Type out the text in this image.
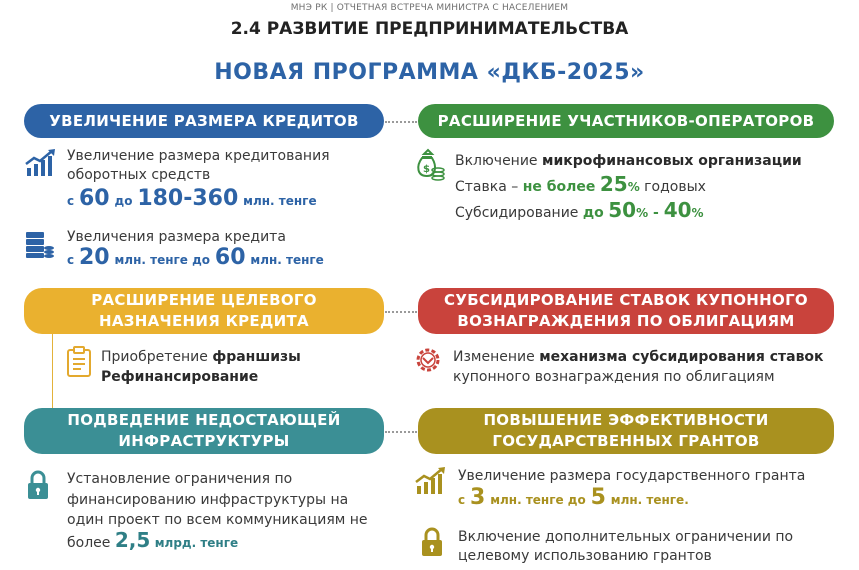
МНЭ РК | ОТЧЕТНАЯ ВСТРЕЧА МИНИСТРА С НАСЕЛЕНИЕМ
2.4 РАЗВИТИЕ ПРЕДПРИНИМАТЕЛЬСТВА
НОВАЯ ПРОГРАММА «ДКБ-2025»
УВЕЛИЧЕНИЕ РАЗМЕРА КРЕДИТОВ
Увеличение размера кредитования
оборотных средств
с 60 до 180-360 млн. тенге
Увеличения размера кредита
с 20 млн. тенге до 60 млн. тенге
РАСШИРЕНИЕ УЧАСТНИКОВ-ОПЕРАТОРОВ
$
Включение микрофинансовых организации
Ставка – не более 25% годовых
Субсидирование до 50% - 40%
РАСШИРЕНИЕ ЦЕЛЕВОГО
НАЗНАЧЕНИЯ КРЕДИТА
Приобретение франшизы
Рефинансирование
СУБСИДИРОВАНИЕ СТАВОК КУПОННОГО
ВОЗНАГРАЖДЕНИЯ ПО ОБЛИГАЦИЯМ
Изменение механизма субсидирования ставок
купонного вознаграждения по облигациям
ПОДВЕДЕНИЕ НЕДОСТАЮЩЕЙ
ИНФРАСТРУКТУРЫ
Установление ограничения по
финансированию инфраструктуры на
один проект по всем коммуникациям не
более 2,5 млрд. тенге
ПОВЫШЕНИЕ ЭФФЕКТИВНОСТИ
ГОСУДАРСТВЕННЫХ ГРАНТОВ
Увеличение размера государственного гранта
с 3 млн. тенге до 5 млн. тенге.
Включение дополнительных ограничении по
целевому использованию грантов
